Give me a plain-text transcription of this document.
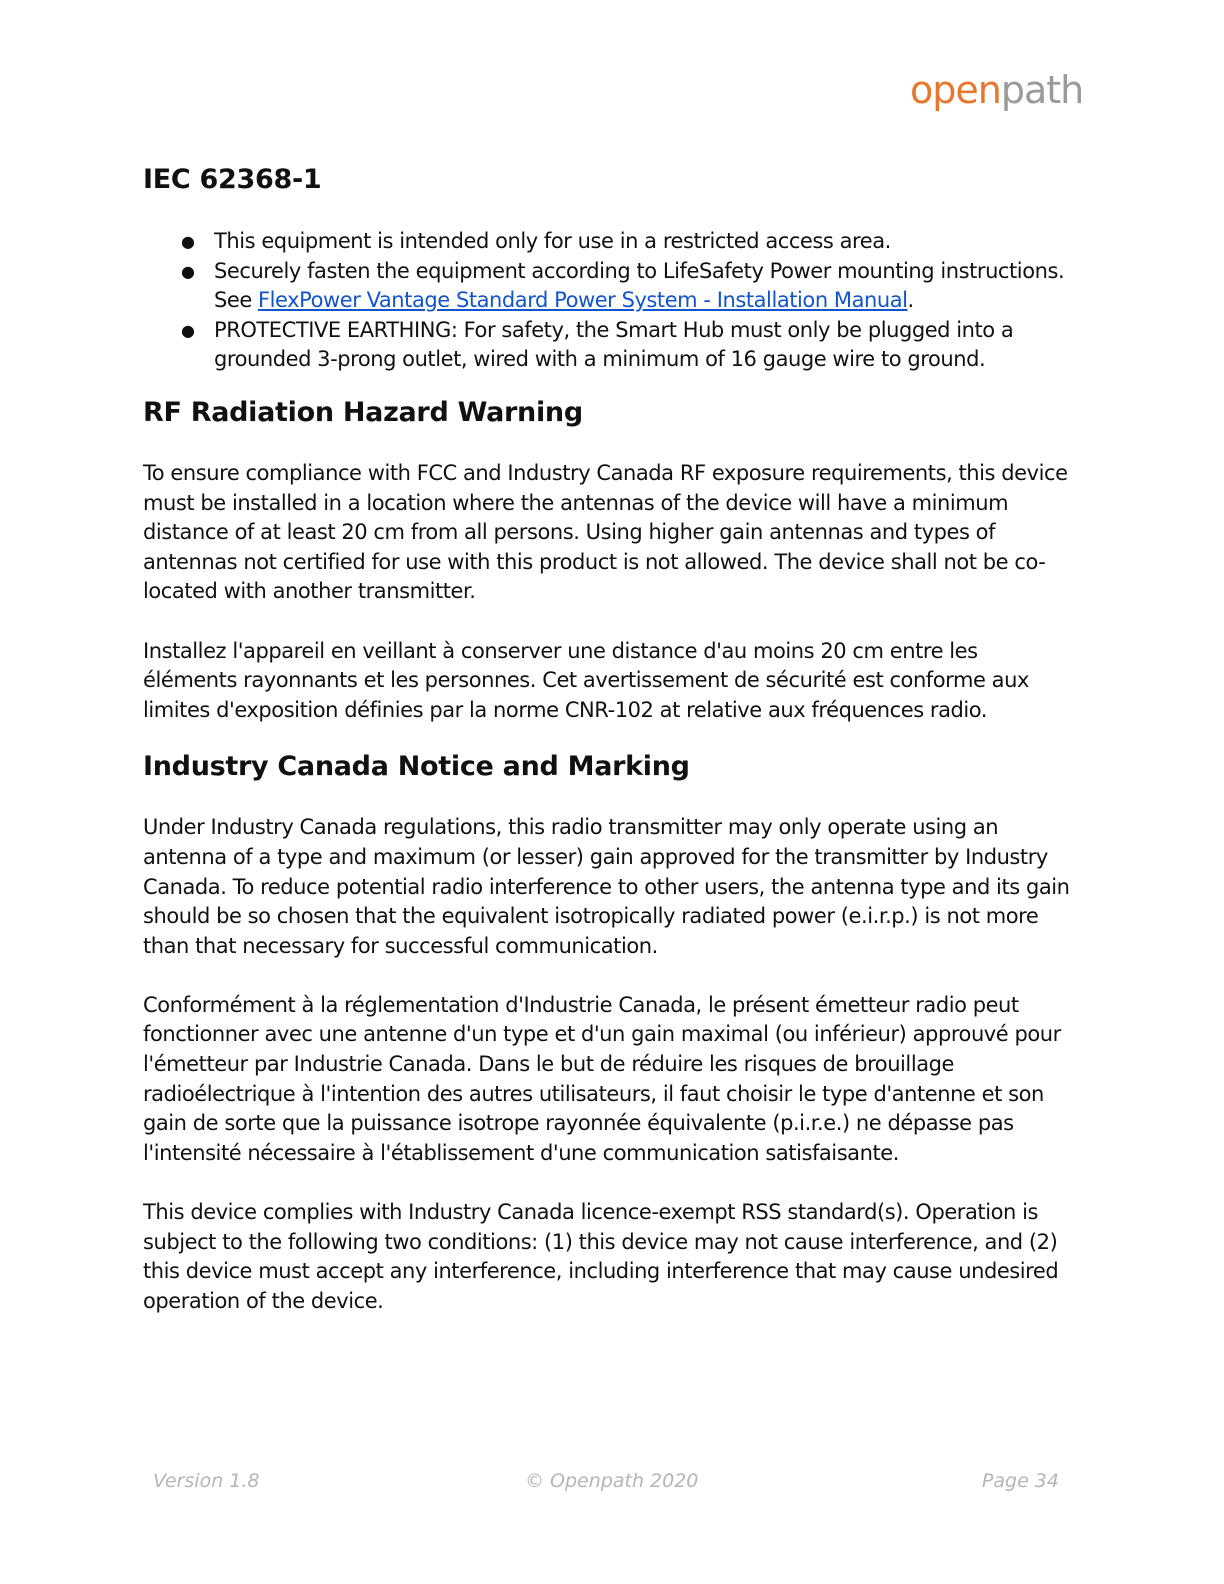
openpath
IEC 62368-1
● This equipment is intended only for use in a restricted access area.
● Securely fasten the equipment according to LifeSafety Power mounting instructions. See FlexPower Vantage Standard Power System - Installation Manual.
● PROTECTIVE EARTHING: For safety, the Smart Hub must only be plugged into a grounded 3-prong outlet, wired with a minimum of 16 gauge wire to ground.
RF Radiation Hazard Warning

To ensure compliance with FCC and Industry Canada RF exposure requirements, this device must be installed in a location where the antennas of the device will have a minimum distance of at least 20 cm from all persons. Using higher gain antennas and types of antennas not certified for use with this product is not allowed. The device shall not be co-located with another transmitter.

Installez l'appareil en veillant à conserver une distance d'au moins 20 cm entre les éléments rayonnants et les personnes. Cet avertissement de sécurité est conforme aux limites d'exposition définies par la norme CNR-102 at relative aux fréquences radio.

Industry Canada Notice and Marking

Under Industry Canada regulations, this radio transmitter may only operate using an antenna of a type and maximum (or lesser) gain approved for the transmitter by Industry Canada. To reduce potential radio interference to other users, the antenna type and its gain should be so chosen that the equivalent isotropically radiated power (e.i.r.p.) is not more than that necessary for successful communication.

Conformément à la réglementation d'Industrie Canada, le présent émetteur radio peut fonctionner avec une antenne d'un type et d'un gain maximal (ou inférieur) approuvé pour l'émetteur par Industrie Canada. Dans le but de réduire les risques de brouillage radioélectrique à l'intention des autres utilisateurs, il faut choisir le type d'antenne et son gain de sorte que la puissance isotrope rayonnée équivalente (p.i.r.e.) ne dépasse pas l'intensité nécessaire à l'établissement d'une communication satisfaisante.

This device complies with Industry Canada licence-exempt RSS standard(s). Operation is subject to the following two conditions: (1) this device may not cause interference, and (2) this device must accept any interference, including interference that may cause undesired operation of the device.

Version 1.8	© Openpath 2020	Page 34
